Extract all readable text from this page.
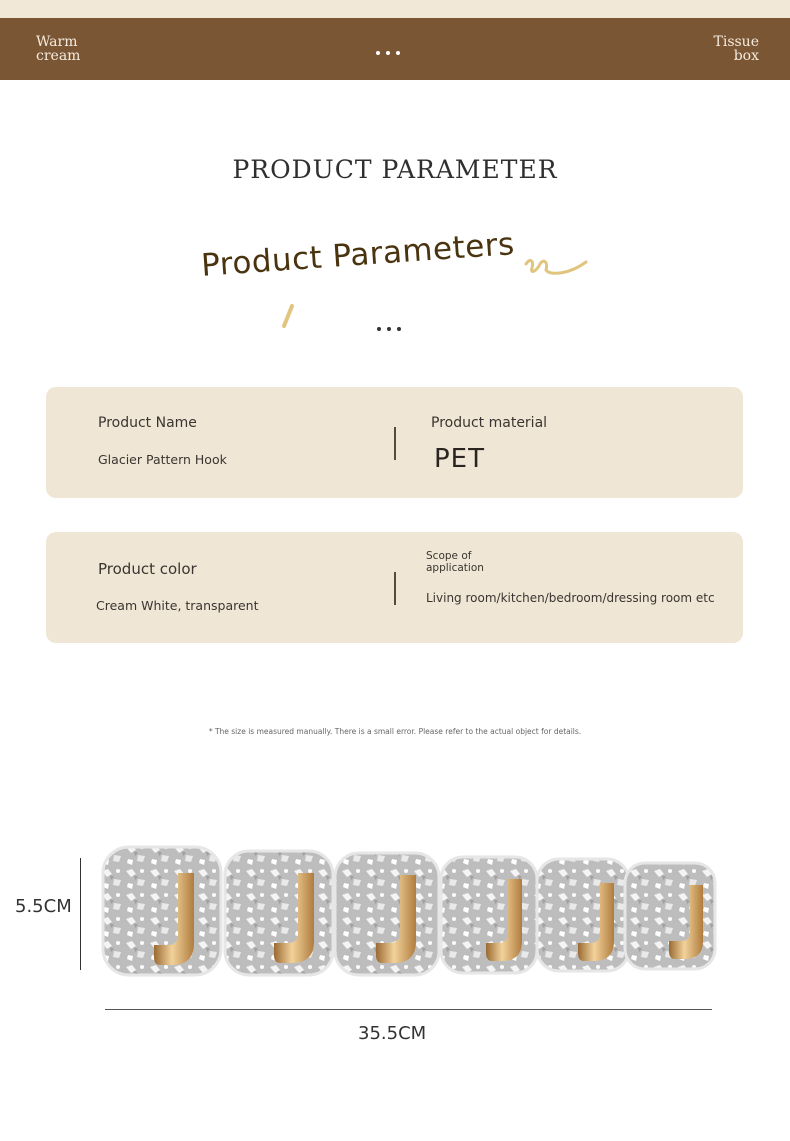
Warm
cream
Tissue
box
PRODUCT PARAMETER
Product Parameters
Product Name
Glacier Pattern Hook
Product material
PET
Product color
Cream White, transparent
Scope of
application
Living room/kitchen/bedroom/dressing room etc
* The size is measured manually. There is a small error. Please refer to the actual object for details.
5.5CM
35.5CM
